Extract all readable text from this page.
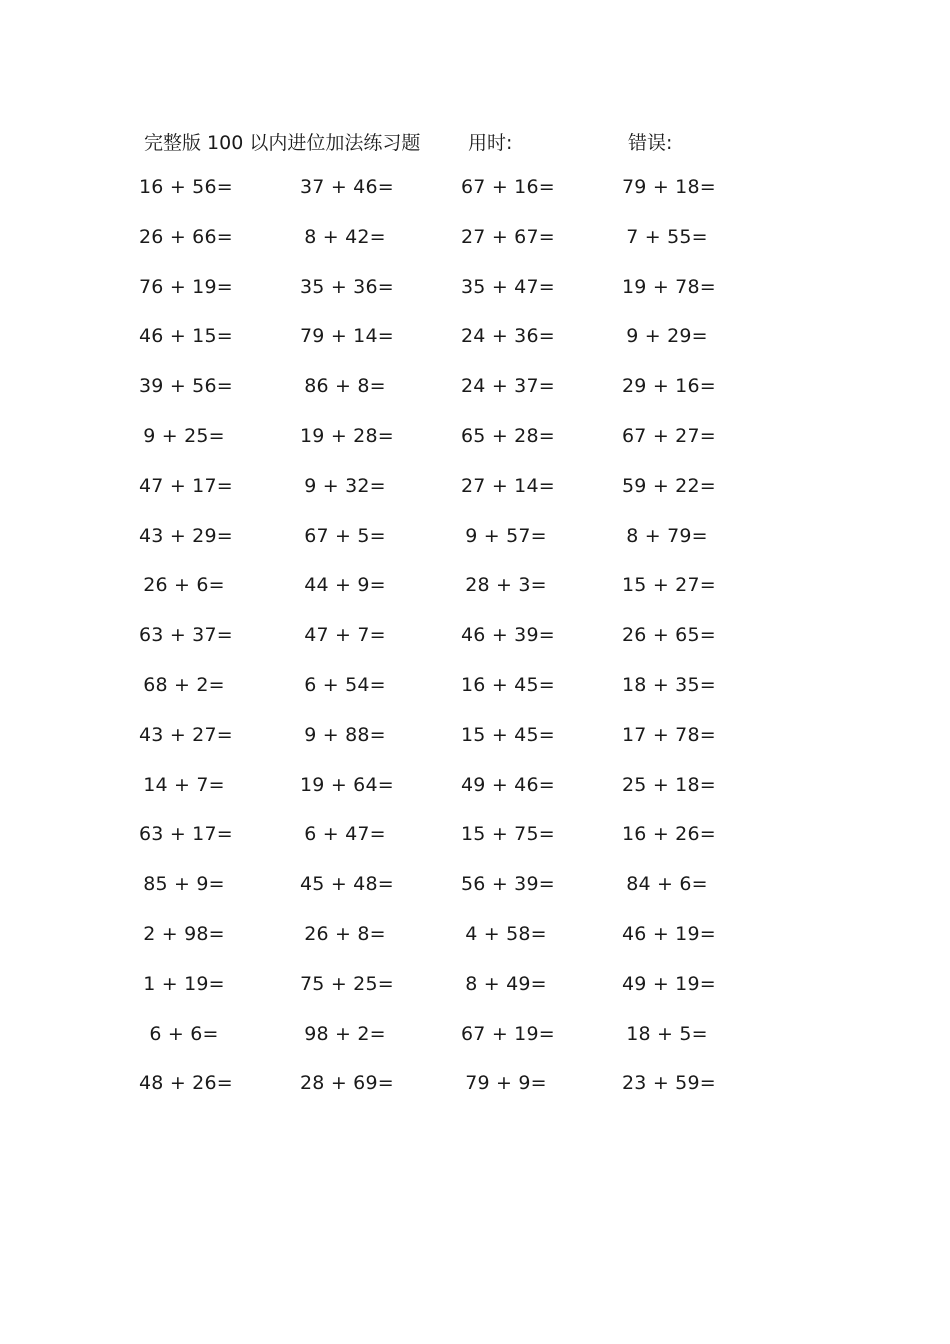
完整版 100 以内进位加法练习题	用时:	错误:
16 + 56=	37 + 46=	67 + 16=	79 + 18=
26 + 66=	8 + 42=	27 + 67=	7 + 55=
76 + 19=	35 + 36=	35 + 47=	19 + 78=
46 + 15=	79 + 14=	24 + 36=	9 + 29=
39 + 56=	86 + 8=	24 + 37=	29 + 16=
9 + 25=	19 + 28=	65 + 28=	67 + 27=
47 + 17=	9 + 32=	27 + 14=	59 + 22=
43 + 29=	67 + 5=	9 + 57=	8 + 79=
26 + 6=	44 + 9=	28 + 3=	15 + 27=
63 + 37=	47 + 7=	46 + 39=	26 + 65=
68 + 2=	6 + 54=	16 + 45=	18 + 35=
43 + 27=	9 + 88=	15 + 45=	17 + 78=
14 + 7=	19 + 64=	49 + 46=	25 + 18=
63 + 17=	6 + 47=	15 + 75=	16 + 26=
85 + 9=	45 + 48=	56 + 39=	84 + 6=
2 + 98=	26 + 8=	4 + 58=	46 + 19=
1 + 19=	75 + 25=	8 + 49=	49 + 19=
6 + 6=	98 + 2=	67 + 19=	18 + 5=
48 + 26=	28 + 69=	79 + 9=	23 + 59=
